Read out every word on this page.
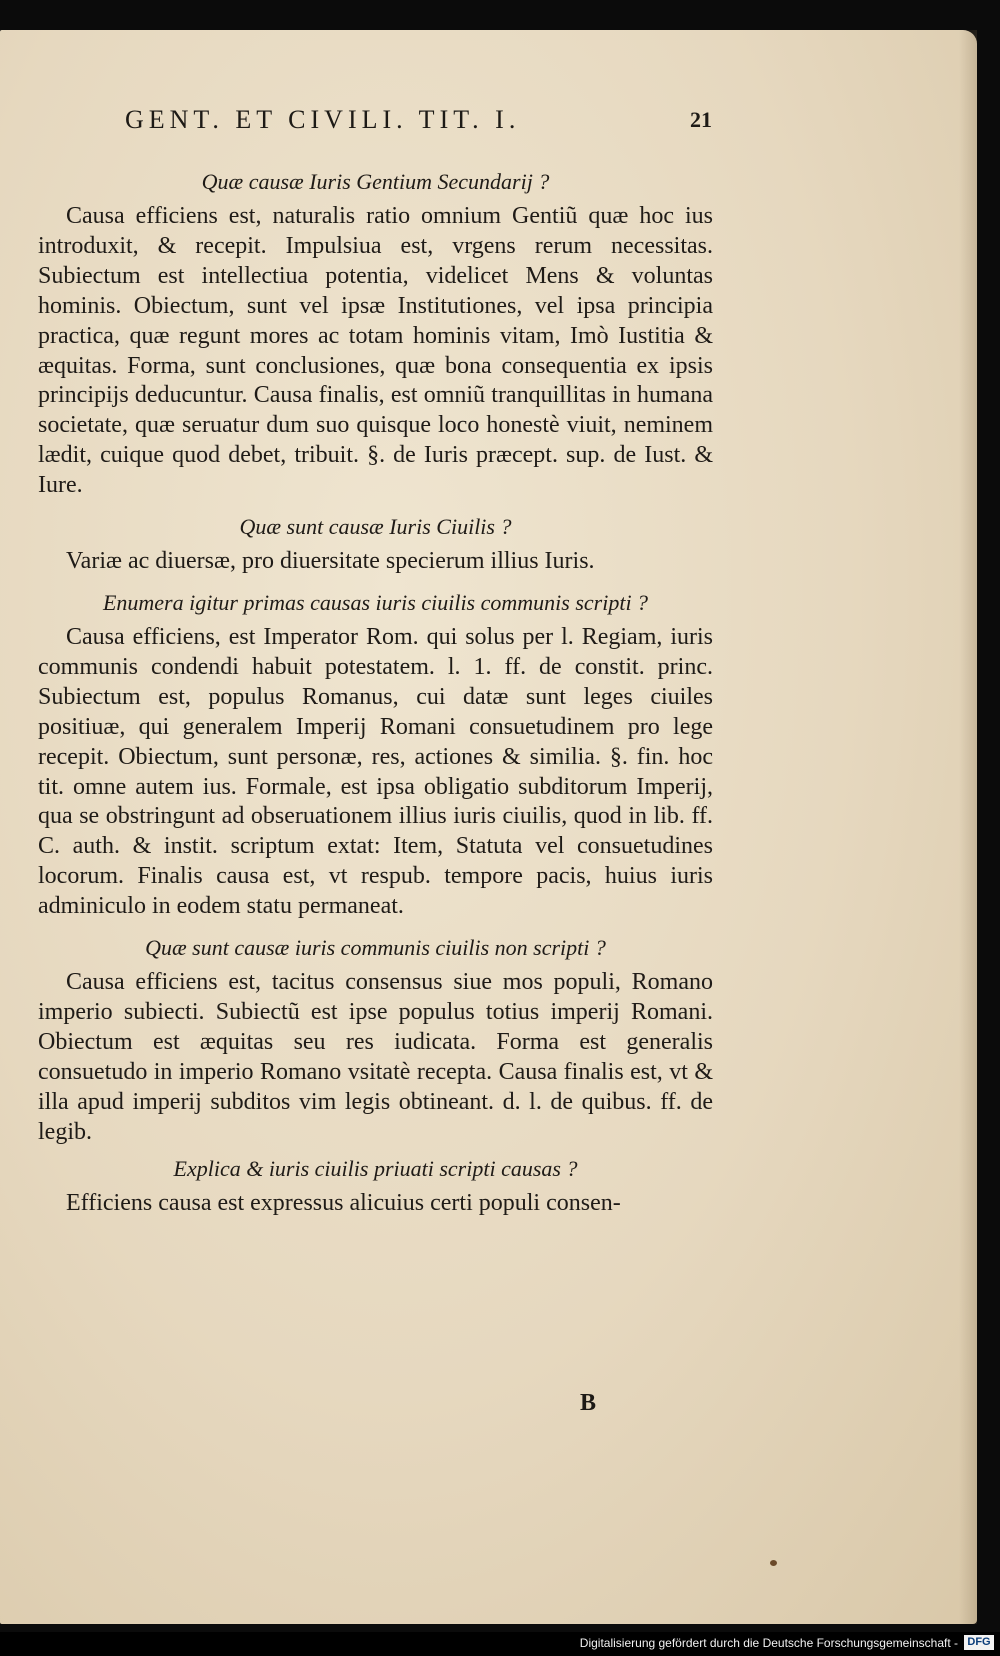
GENT. ET CIVILI. TIT. I.	21
Quæ causæ Iuris Gentium Secundarij ?

Causa efficiens est, naturalis ratio omnium Gentiũ quæ hoc ius introduxit, & recepit. Impulsiua est, vrgens rerum necessitas. Subiectum est intellectiua potentia, videlicet Mens & voluntas hominis. Obiectum, sunt vel ipsæ Institutiones, vel ipsa principia practica, quæ regunt mores ac totam hominis vitam, Imò Iustitia & æquitas. Forma, sunt conclusiones, quæ bona consequentia ex ipsis principijs deducuntur. Causa finalis, est omniũ tranquillitas in humana societate, quæ seruatur dum suo quisque loco honestè viuit, neminem lædit, cuique quod debet, tribuit. §. de Iuris præcept. sup. de Iust. & Iure.

Quæ sunt causæ Iuris Ciuilis ?

Variæ ac diuersæ, pro diuersitate specierum illius Iuris.

Enumera igitur primas causas iuris ciuilis communis scripti ?

Causa efficiens, est Imperator Rom. qui solus per l. Regiam, iuris communis condendi habuit potestatem. l. 1. ff. de constit. princ. Subiectum est, populus Romanus, cui datæ sunt leges ciuiles positiuæ, qui generalem Imperij Romani consuetudinem pro lege recepit. Obiectum, sunt personæ, res, actiones & similia. §. fin. hoc tit. omne autem ius. Formale, est ipsa obligatio subditorum Imperij, qua se obstringunt ad obseruationem illius iuris ciuilis, quod in lib. ff. C. auth. & instit. scriptum extat: Item, Statuta vel consuetudines locorum. Finalis causa est, vt respub. tempore pacis, huius iuris adminiculo in eodem statu permaneat.

Quæ sunt causæ iuris communis ciuilis non scripti ?

Causa efficiens est, tacitus consensus siue mos populi, Romano imperio subiecti. Subiectũ est ipse populus totius imperij Romani. Obiectum est æquitas seu res iudicata. Forma est generalis consuetudo in imperio Romano vsitatè recepta. Causa finalis est, vt & illa apud imperij subditos vim legis obtineant. d. l. de quibus. ff. de legib.

Explica & iuris ciuilis priuati scripti causas ?

Efficiens causa est expressus alicuius certi populi consen-

B
Digitalisierung gefördert durch die Deutsche Forschungsgemeinschaft - DFG
